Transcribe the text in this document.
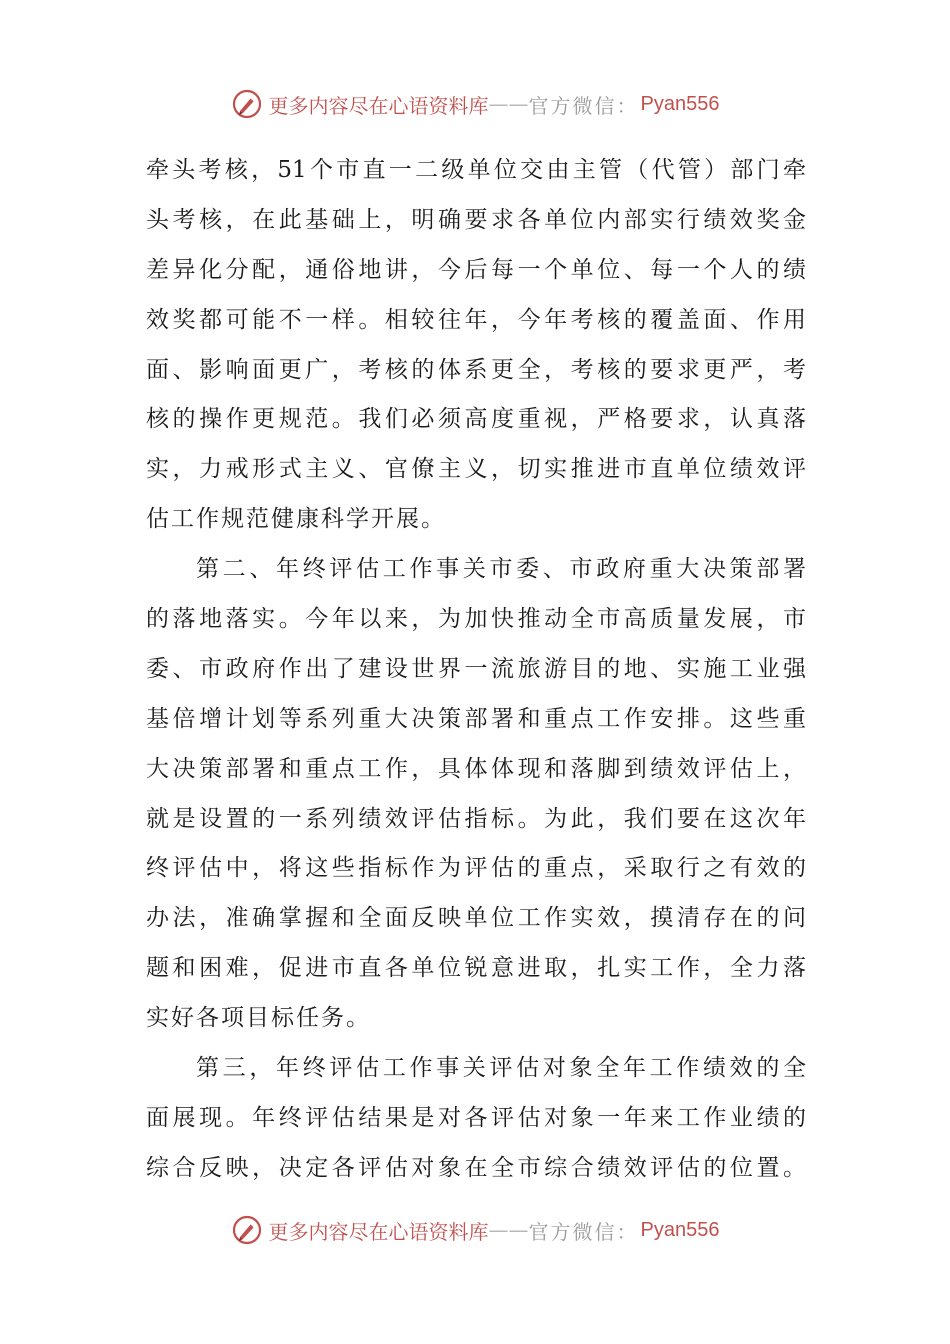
更多内容尽在心语资料库 —— 官方微信： Pyan556
牵头考核，51个市直一二级单位交由主管（代管）部门牵
头考核，在此基础上，明确要求各单位内部实行绩效奖金
差异化分配，通俗地讲，今后每一个单位、每一个人的绩
效奖都可能不一样。相较往年，今年考核的覆盖面、作用
面、影响面更广，考核的体系更全，考核的要求更严，考
核的操作更规范。我们必须高度重视，严格要求，认真落
实，力戒形式主义、官僚主义，切实推进市直单位绩效评
估工作规范健康科学开展。
第二、年终评估工作事关市委、市政府重大决策部署
的落地落实。今年以来，为加快推动全市高质量发展，市
委、市政府作出了建设世界一流旅游目的地、实施工业强
基倍增计划等系列重大决策部署和重点工作安排。这些重
大决策部署和重点工作，具体体现和落脚到绩效评估上，
就是设置的一系列绩效评估指标。为此，我们要在这次年
终评估中，将这些指标作为评估的重点，采取行之有效的
办法，准确掌握和全面反映单位工作实效，摸清存在的问
题和困难，促进市直各单位锐意进取，扎实工作，全力落
实好各项目标任务。
第三，年终评估工作事关评估对象全年工作绩效的全
面展现。年终评估结果是对各评估对象一年来工作业绩的
综合反映，决定各评估对象在全市综合绩效评估的位置。
更多内容尽在心语资料库 —— 官方微信： Pyan556
